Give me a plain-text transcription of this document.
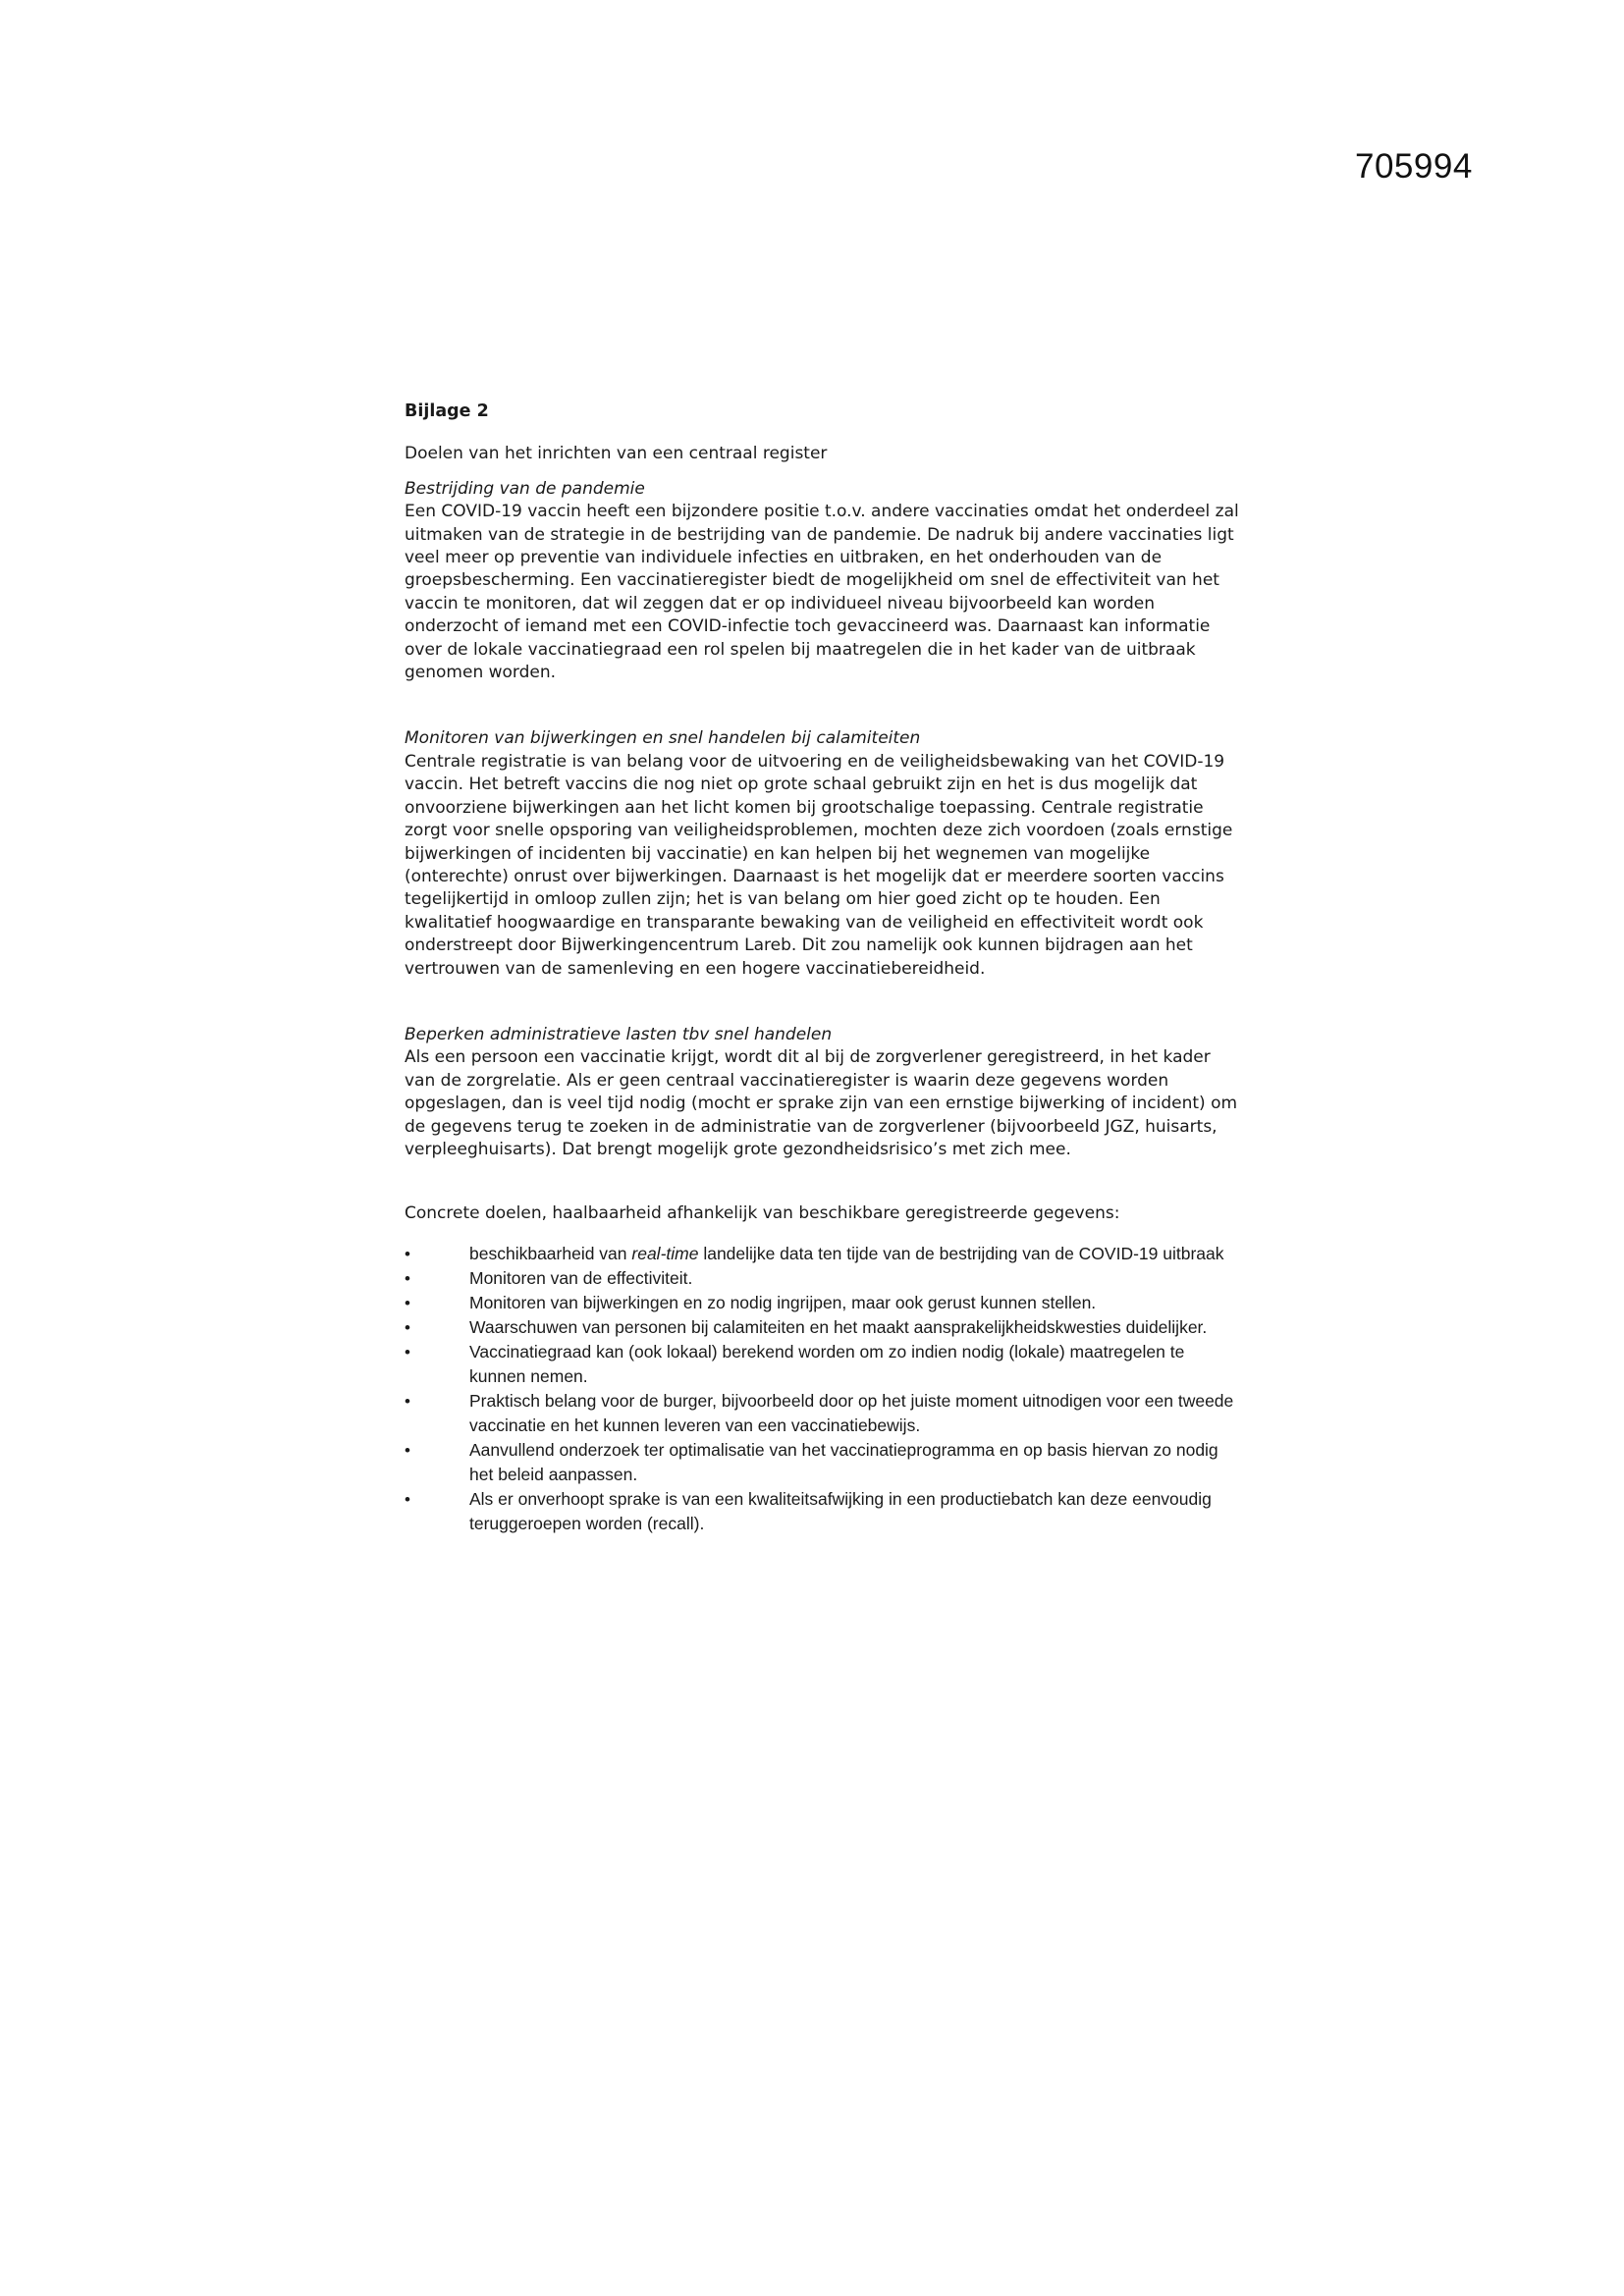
705994

Bijlage 2

Doelen van het inrichten van een centraal register

Bestrijding van de pandemie

Een COVID-19 vaccin heeft een bijzondere positie t.o.v. andere vaccinaties omdat het onderdeel zal uitmaken van de strategie in de bestrijding van de pandemie. De nadruk bij andere vaccinaties ligt veel meer op preventie van individuele infecties en uitbraken, en het onderhouden van de groepsbescherming. Een vaccinatieregister biedt de mogelijkheid om snel de effectiviteit van het vaccin te monitoren, dat wil zeggen dat er op individueel niveau bijvoorbeeld kan worden onderzocht of iemand met een COVID-infectie toch gevaccineerd was. Daarnaast kan informatie over de lokale vaccinatiegraad een rol spelen bij maatregelen die in het kader van de uitbraak genomen worden.

Monitoren van bijwerkingen en snel handelen bij calamiteiten

Centrale registratie is van belang voor de uitvoering en de veiligheidsbewaking van het COVID-19 vaccin. Het betreft vaccins die nog niet op grote schaal gebruikt zijn en het is dus mogelijk dat onvoorziene bijwerkingen aan het licht komen bij grootschalige toepassing. Centrale registratie zorgt voor snelle opsporing van veiligheidsproblemen, mochten deze zich voordoen (zoals ernstige bijwerkingen of incidenten bij vaccinatie) en kan helpen bij het wegnemen van mogelijke (onterechte) onrust over bijwerkingen. Daarnaast is het mogelijk dat er meerdere soorten vaccins tegelijkertijd in omloop zullen zijn; het is van belang om hier goed zicht op te houden. Een kwalitatief hoogwaardige en transparante bewaking van de veiligheid en effectiviteit wordt ook onderstreept door Bijwerkingencentrum Lareb. Dit zou namelijk ook kunnen bijdragen aan het vertrouwen van de samenleving en een hogere vaccinatiebereidheid.

Beperken administratieve lasten tbv snel handelen

Als een persoon een vaccinatie krijgt, wordt dit al bij de zorgverlener geregistreerd, in het kader van de zorgrelatie. Als er geen centraal vaccinatieregister is waarin deze gegevens worden opgeslagen, dan is veel tijd nodig (mocht er sprake zijn van een ernstige bijwerking of incident) om de gegevens terug te zoeken in de administratie van de zorgverlener (bijvoorbeeld JGZ, huisarts, verpleeghuisarts). Dat brengt mogelijk grote gezondheidsrisico’s met zich mee.

Concrete doelen, haalbaarheid afhankelijk van beschikbare geregistreerde gegevens:

•	beschikbaarheid van real-time landelijke data ten tijde van de bestrijding van de COVID-19 uitbraak
•	Monitoren van de effectiviteit.
•	Monitoren van bijwerkingen en zo nodig ingrijpen, maar ook gerust kunnen stellen.
•	Waarschuwen van personen bij calamiteiten en het maakt aansprakelijkheidskwesties duidelijker.
•	Vaccinatiegraad kan (ook lokaal) berekend worden om zo indien nodig (lokale) maatregelen te kunnen nemen.
•	Praktisch belang voor de burger, bijvoorbeeld door op het juiste moment uitnodigen voor een tweede vaccinatie en het kunnen leveren van een vaccinatiebewijs.
•	Aanvullend onderzoek ter optimalisatie van het vaccinatieprogramma en op basis hiervan zo nodig het beleid aanpassen.
•	Als er onverhoopt sprake is van een kwaliteitsafwijking in een productiebatch kan deze eenvoudig teruggeroepen worden (recall).
